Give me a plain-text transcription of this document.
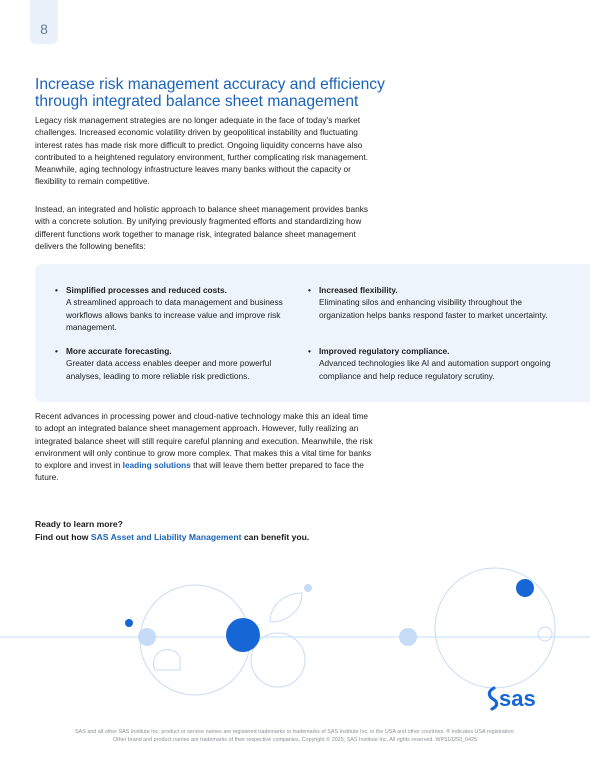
8
Increase risk management accuracy and efficiency through integrated balance sheet management

Legacy risk management strategies are no longer adequate in the face of today’s market challenges. Increased economic volatility driven by geopolitical instability and fluctuating interest rates has made risk more difficult to predict. Ongoing liquidity concerns have also contributed to a heightened regulatory environment, further complicating risk management. Meanwhile, aging technology infrastructure leaves many banks without the capacity or flexibility to remain competitive.

Instead, an integrated and holistic approach to balance sheet management provides banks with a concrete solution. By unifying previously fragmented efforts and standardizing how different functions work together to manage risk, integrated balance sheet management delivers the following benefits:

• Simplified processes and reduced costs.
A streamlined approach to data management and business workflows allows banks to increase value and improve risk management.
• Increased flexibility.
Eliminating silos and enhancing visibility throughout the organization helps banks respond faster to market uncertainty.
• More accurate forecasting.
Greater data access enables deeper and more powerful analyses, leading to more reliable risk predictions.
• Improved regulatory compliance.
Advanced technologies like AI and automation support ongoing compliance and help reduce regulatory scrutiny.

Recent advances in processing power and cloud-native technology make this an ideal time to adopt an integrated balance sheet management approach. However, fully realizing an integrated balance sheet will still require careful planning and execution. Meanwhile, the risk environment will only continue to grow more complex. That makes this a vital time for banks to explore and invest in leading solutions that will leave them better prepared to face the future.

Ready to learn more?
Find out how SAS Asset and Liability Management can benefit you.
sas
SAS and all other SAS Institute Inc. product or service names are registered trademarks or trademarks of SAS Institute Inc. in the USA and other countries. ® indicates USA registration.
Other brand and product names are trademarks of their respective companies. Copyright © 2025, SAS Institute Inc. All rights reserved. WP310250_0425
